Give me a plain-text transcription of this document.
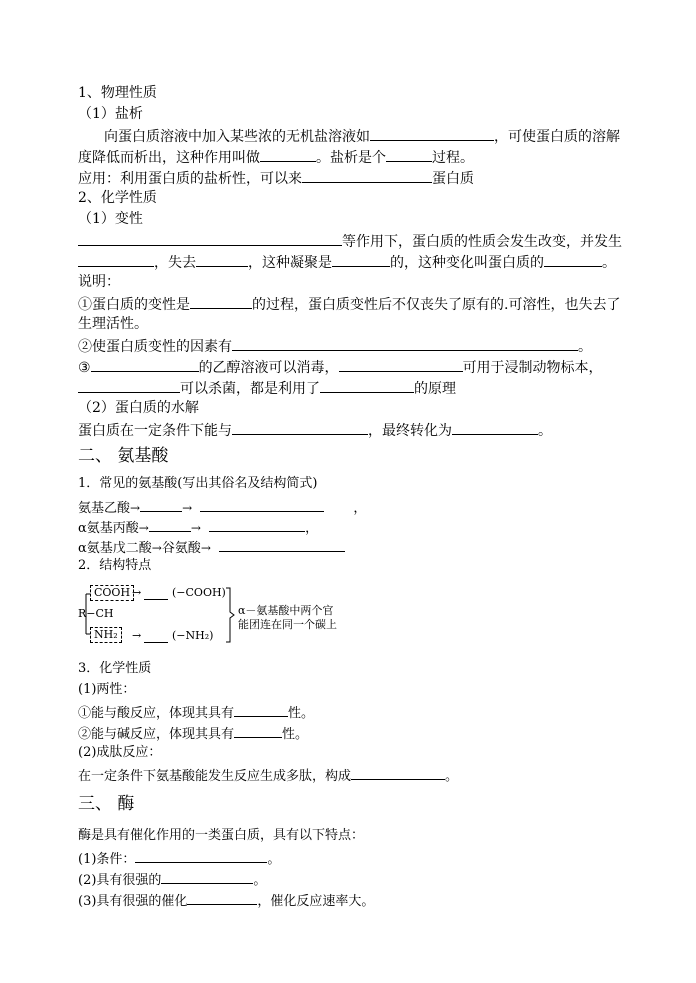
1、物理性质
（1）盐析
向蛋白质溶液中加入某些浓的无机盐溶液如	，可使蛋白质的溶解
度降低而析出，这种作用叫做	。盐析是个	过程。
应用：利用蛋白质的盐析性，可以来	蛋白质
2、化学性质
（1）变性
等作用下，蛋白质的性质会发生改变，并发生
，失去	，这种凝聚是	的，这种变化叫蛋白质的	。
说明：
①蛋白质的变性是	的过程，蛋白质变性后不仅丧失了原有的.可溶性，也失去了
生理活性。
②使蛋白质变性的因素有	。
③	的乙醇溶液可以消毒，	可用于浸制动物标本，
可以杀菌，都是利用了	的原理
（2）蛋白质的水解
蛋白质在一定条件下能与	，最终转化为	。
二、 氨基酸
1．常见的氨基酸(写出其俗名及结构简式)
氨基乙酸→	→	，
α氨基丙酸→	→	，
α氨基戊二酸→谷氨酸→
2．结构特点
COOH →	(−COOH)
R−CH
NH₂	→	(−NH₂)
α－氨基酸中两个官
能团连在同一个碳上
3．化学性质
(1)两性：
①能与酸反应，体现其具有	性。
②能与碱反应，体现其具有	性。
(2)成肽反应：
在一定条件下氨基酸能发生反应生成多肽，构成	。
三、 酶
酶是具有催化作用的一类蛋白质，具有以下特点：
(1)条件：	。
(2)具有很强的	。
(3)具有很强的催化	，催化反应速率大。
